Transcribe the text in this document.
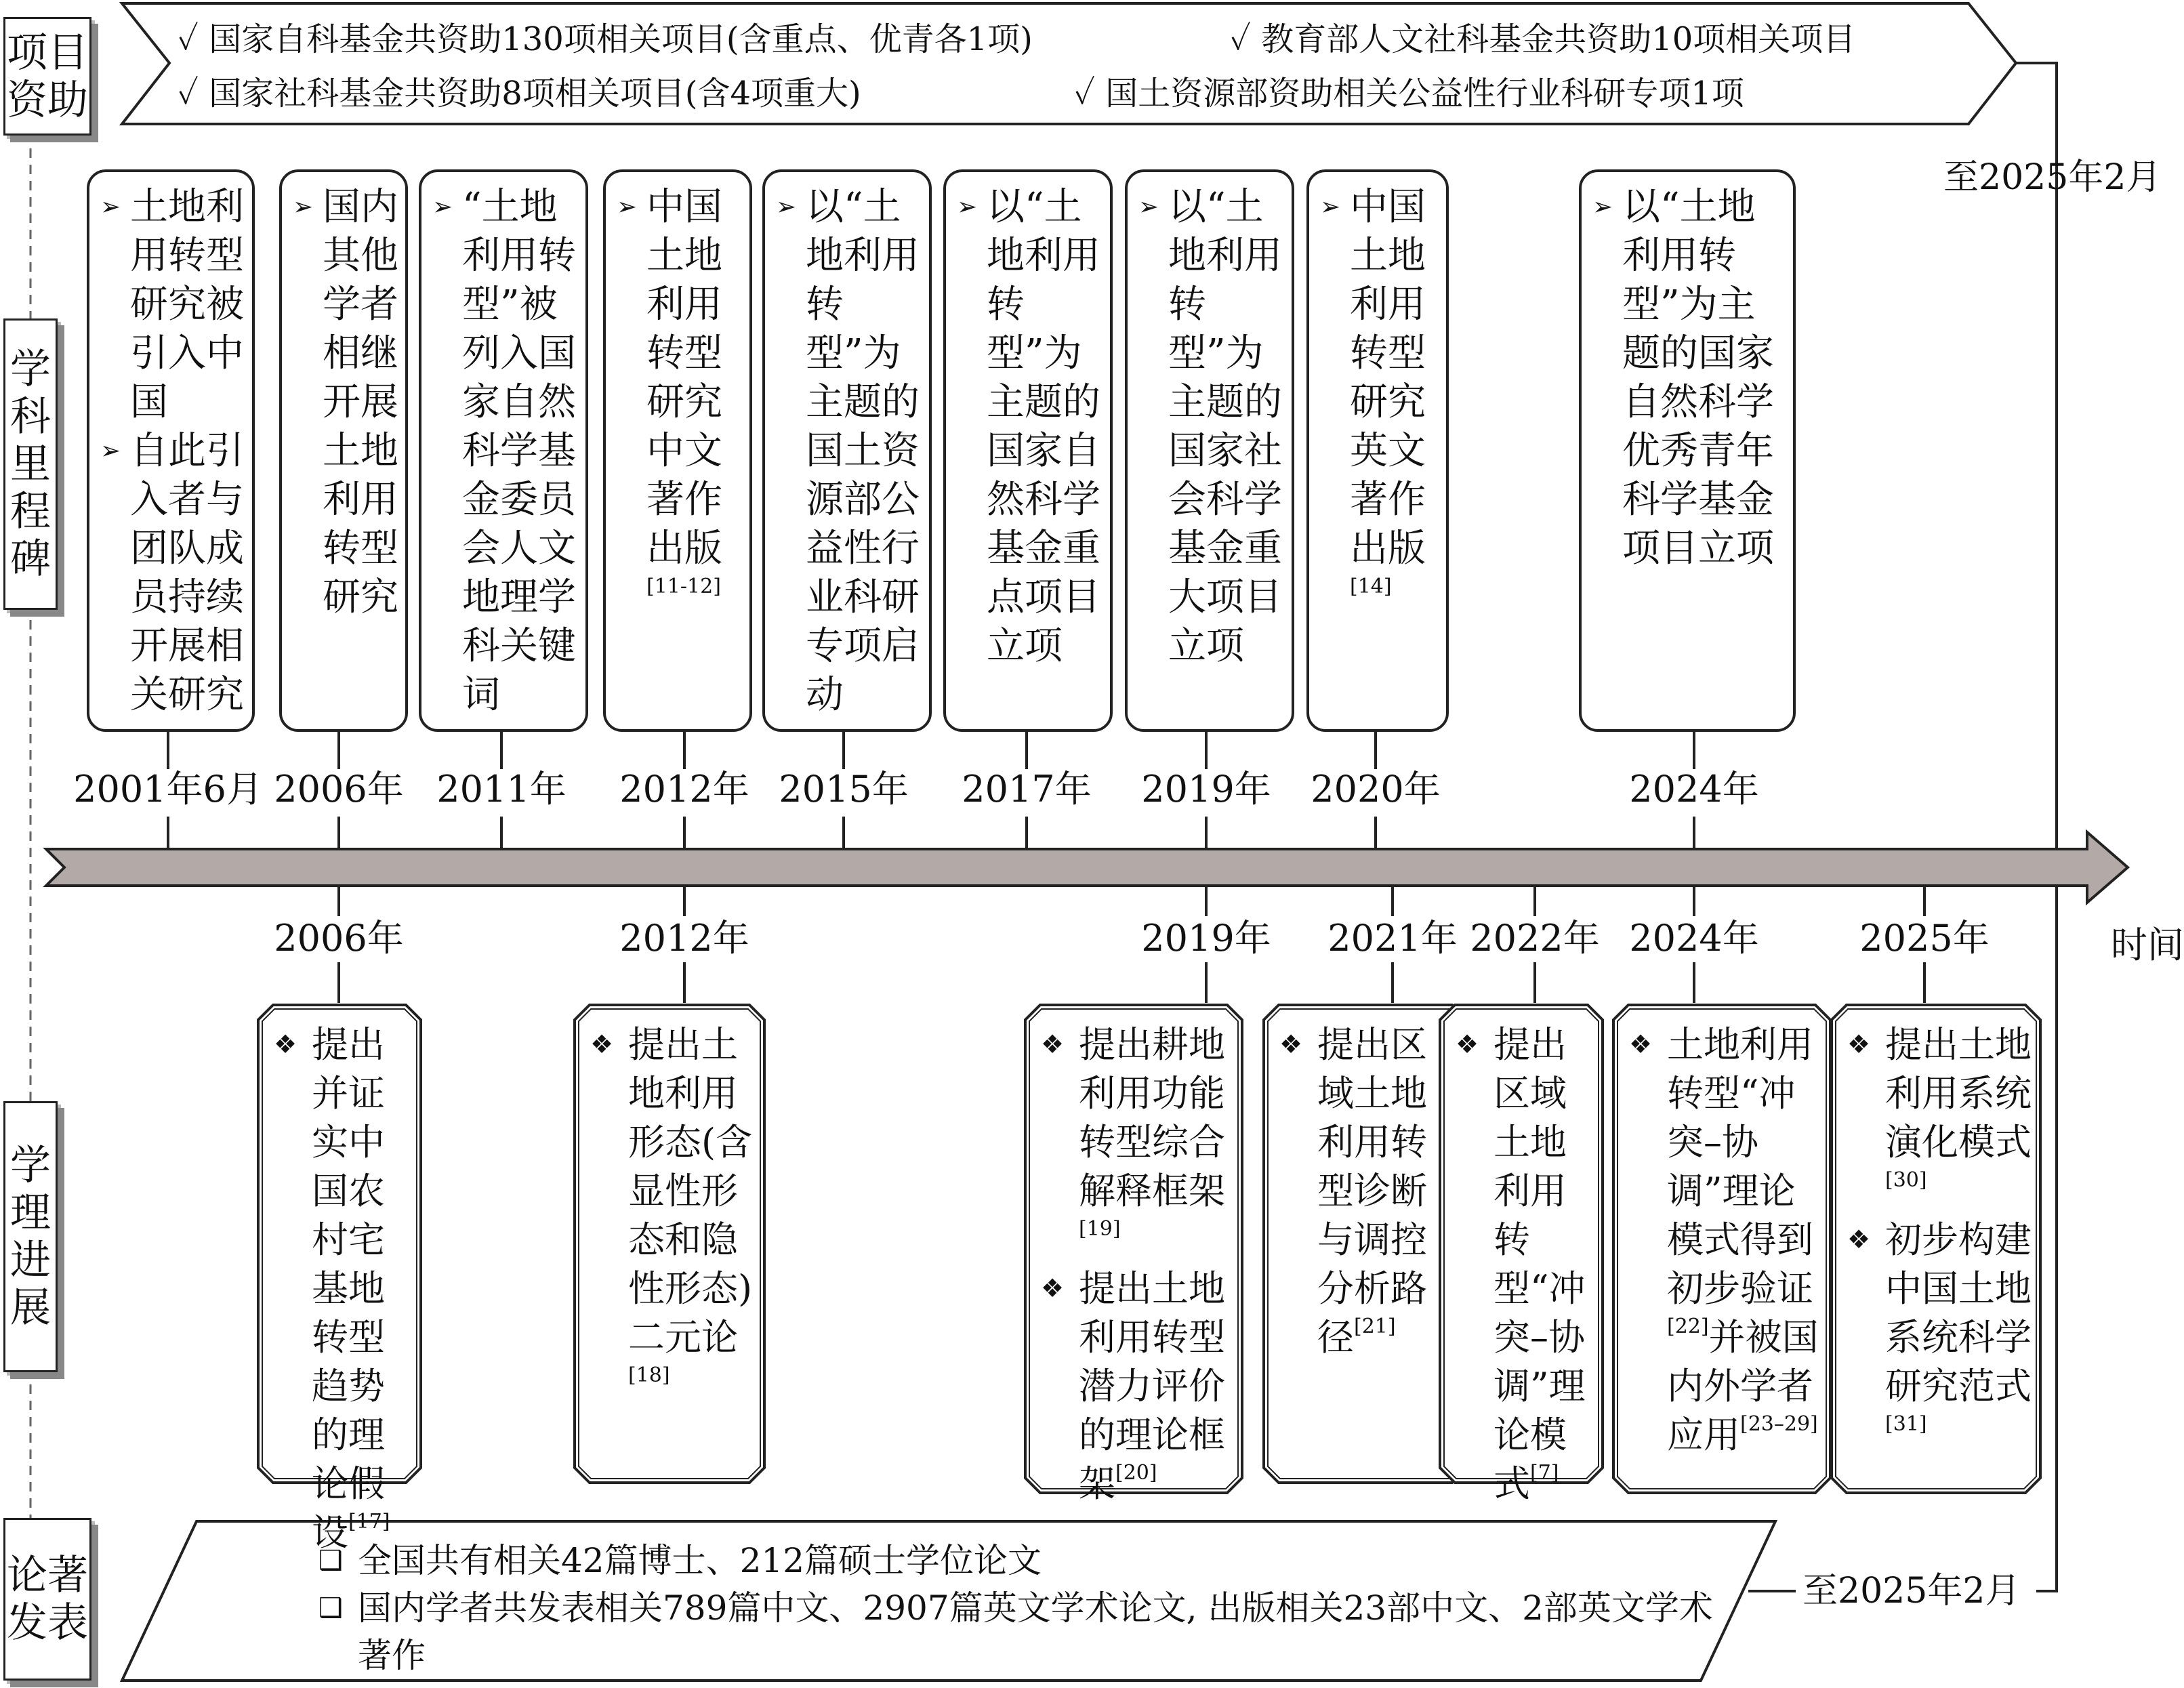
项目
资助
学
科
里
程
碑
学
理
进
展
论著
发表
✓ 国家自科基金共资助130项相关项目(含重点、优青各1项)	✓ 教育部人文社科基金共资助10项相关项目
✓ 国家社科基金共资助8项相关项目(含4项重大)	✓ 国土资源部资助相关公益性行业科研专项1项
至2025年2月
➢ 土地利用转型研究被引入中国
➢ 自此引入者与团队成员持续开展相关研究
2001年6月
➢ 国内其他学者相继开展土地利用转型研究
2006年
➢ “土地利用转型”被列入国家自然科学基金委员会人文地理学科关键词
2011年
➢ 中国土地利用转型研究中文著作出版[11-12]
2012年
➢ 以“土地利用转型”为主题的国土资源部公益性行业科研专项启动
2015年
➢ 以“土地利用转型”为主题的国家自然科学基金重点项目立项
2017年
➢ 以“土地利用转型”为主题的国家社会科学基金重大项目立项
2019年
➢ 中国土地利用转型研究英文著作出版[14]
2020年
➢ 以“土地利用转型”为主题的国家自然科学优秀青年科学基金项目立项
2024年
❖ 提出并证实中国农村宅基地转型趋势的理论假设[17]
2006年
❖ 提出土地利用形态(含显性形态和隐性形态)二元论[18]
2012年
❖ 提出耕地利用功能转型综合解释框架[19]
❖ 提出土地利用转型潜力评价的理论框架[20]
2019年
❖ 提出区域土地利用转型诊断与调控分析路径[21]
2021年
❖ 提出区域土地利用转型“冲突–协调”理论模式[7]
2022年
❖ 土地利用转型“冲突–协调”理论模式得到初步验证[22]并被国内外学者应用[23–29]
2024年
❖ 提出土地利用系统演化模式[30]
❖ 初步构建中国土地系统科学研究范式[31]
2025年	时间
❑ 全国共有相关42篇博士、212篇硕士学位论文
❑ 国内学者共发表相关789篇中文、2907篇英文学术论文, 出版相关23部中文、2部英文学术著作
至2025年2月
